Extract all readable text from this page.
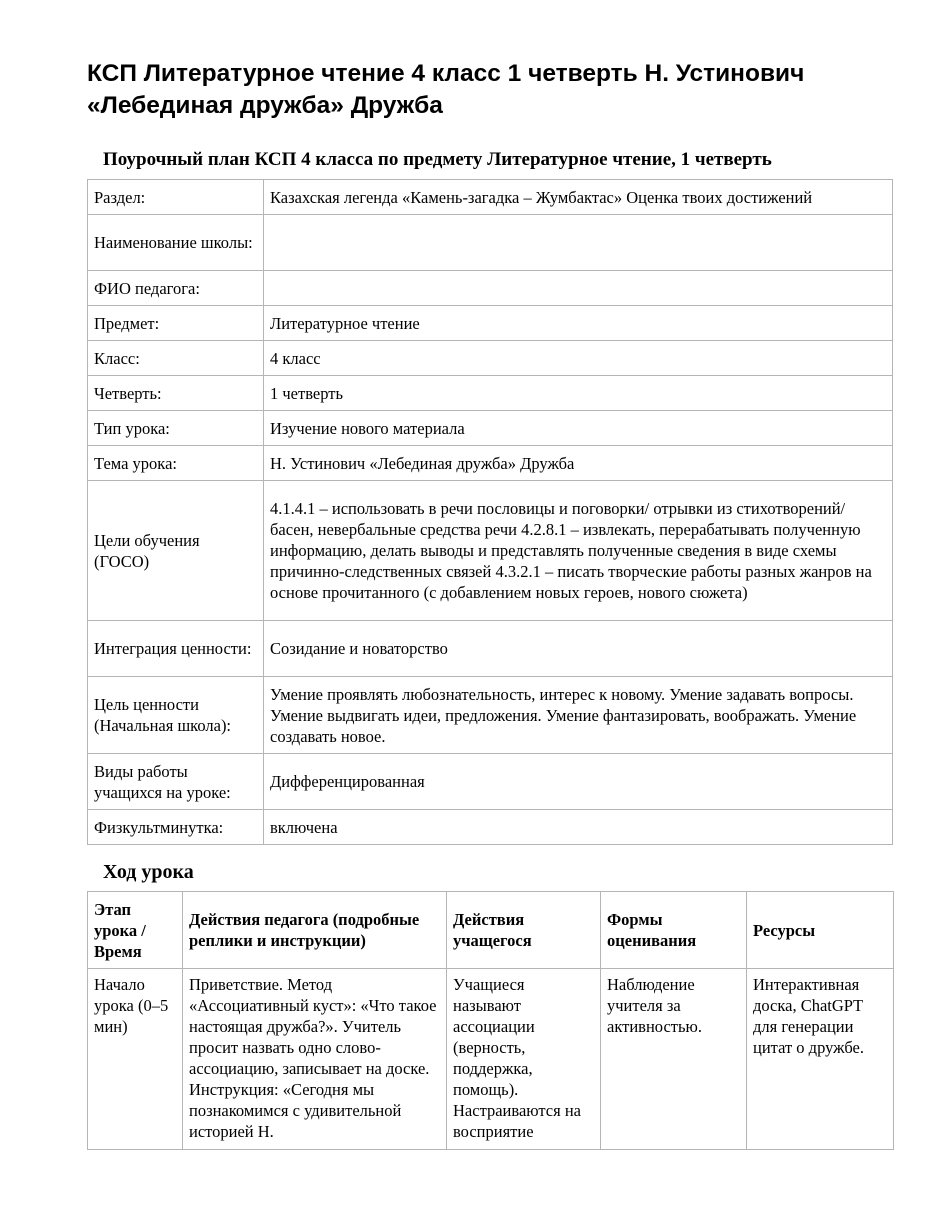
КСП Литературное чтение 4 класс 1 четверть Н. Устинович «Лебединая дружба» Дружба
Поурочный план КСП 4 класса по предмету Литературное чтение, 1 четверть
Раздел:	Казахская легенда «Камень-загадка – Жумбактас» Оценка твоих достижений
Наименование школы:	
ФИО педагога:	
Предмет:	Литературное чтение
Класс:	4 класс
Четверть:	1 четверть
Тип урока:	Изучение нового материала
Тема урока:	Н. Устинович «Лебединая дружба» Дружба
Цели обучения (ГОСО)	4.1.4.1 – использовать в речи пословицы и поговорки/ отрывки из стихотворений/ басен, невербальные средства речи 4.2.8.1 – извлекать, перерабатывать полученную информацию, делать выводы и представлять полученные сведения в виде схемы причинно-следственных связей 4.3.2.1 – писать творческие работы разных жанров на основе прочитанного (с добавлением новых героев, нового сюжета)
Интеграция ценности:	Созидание и новаторство
Цель ценности (Начальная школа):	Умение проявлять любознательность, интерес к новому. Умение задавать вопросы. Умение выдвигать идеи, предложения. Умение фантазировать, воображать. Умение создавать новое.
Виды работы учащихся на уроке:	Дифференцированная
Физкультминутка:	включена
Ход урока
Этап урока / Время	Действия педагога (подробные реплики и инструкции)	Действия учащегося	Формы оценивания	Ресурсы
Начало урока (0–5 мин)	Приветствие. Метод «Ассоциативный куст»: «Что такое настоящая дружба?». Учитель просит назвать одно слово-ассоциацию, записывает на доске. Инструкция: «Сегодня мы познакомимся с удивительной историей Н.	Учащиеся называют ассоциации (верность, поддержка, помощь). Настраиваются на восприятие	Наблюдение учителя за активностью.	Интерактивная доска, ChatGPT для генерации цитат о дружбе.
